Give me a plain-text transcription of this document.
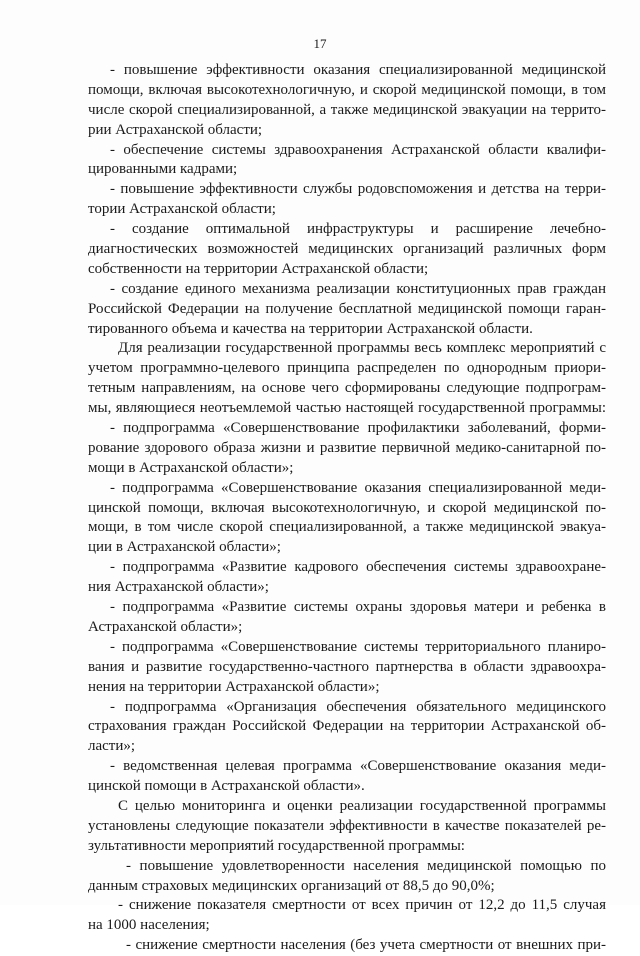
17
- повышение эффективности оказания специализированной медицинской
помощи, включая высокотехнологичную, и скорой медицинской помощи, в том
числе скорой специализированной, а также медицинской эвакуации на террито-
рии Астраханской области;
- обеспечение системы здравоохранения Астраханской области квалифи-
цированными кадрами;
- повышение эффективности службы родовспоможения и детства на терри-
тории Астраханской области;
- создание оптимальной инфраструктуры и расширение лечебно-
диагностических возможностей медицинских организаций различных форм
собственности на территории Астраханской области;
- создание единого механизма реализации конституционных прав граждан
Российской Федерации на получение бесплатной медицинской помощи гаран-
тированного объема и качества на территории Астраханской области.
Для реализации государственной программы весь комплекс мероприятий с
учетом программно-целевого принципа распределен по однородным приори-
тетным направлениям, на основе чего сформированы следующие подпрограм-
мы, являющиеся неотъемлемой частью настоящей государственной программы:
- подпрограмма «Совершенствование профилактики заболеваний, форми-
рование здорового образа жизни и развитие первичной медико-санитарной по-
мощи в Астраханской области»;
- подпрограмма «Совершенствование оказания специализированной меди-
цинской помощи, включая высокотехнологичную, и скорой медицинской по-
мощи, в том числе скорой специализированной, а также медицинской эвакуа-
ции в Астраханской области»;
- подпрограмма «Развитие кадрового обеспечения системы здравоохране-
ния Астраханской области»;
- подпрограмма «Развитие системы охраны здоровья матери и ребенка в
Астраханской области»;
- подпрограмма «Совершенствование системы территориального планиро-
вания и развитие государственно-частного партнерства в области здравоохра-
нения на территории Астраханской области»;
- подпрограмма «Организация обеспечения обязательного медицинского
страхования граждан Российской Федерации на территории Астраханской об-
ласти»;
- ведомственная целевая программа «Совершенствование оказания меди-
цинской помощи в Астраханской области».
С целью мониторинга и оценки реализации государственной программы
установлены следующие показатели эффективности в качестве показателей ре-
зультативности мероприятий государственной программы:
- повышение удовлетворенности населения медицинской помощью по
данным страховых медицинских организаций от 88,5 до 90,0%;
- снижение показателя смертности от всех причин от 12,2 до 11,5 случая
на 1000 населения;
- снижение смертности населения (без учета смертности от внешних при-
